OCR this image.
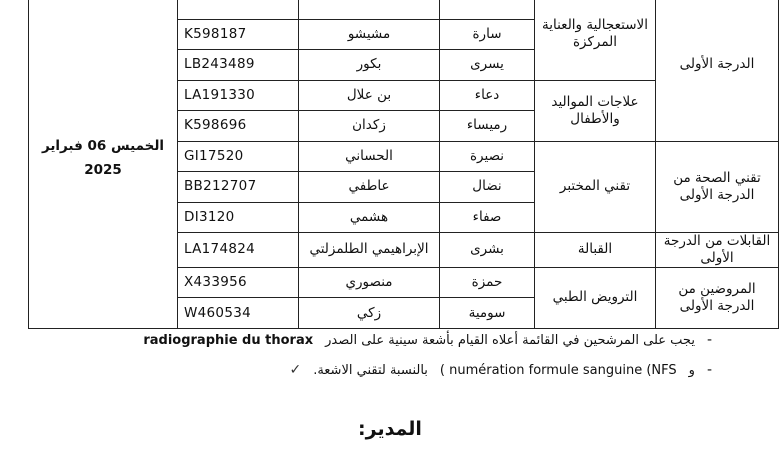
الخميس 06 فبراير
2025				الاستعجالية والعناية المركزة	الدرجة الأولى
	K598187	مشيشو	سارة		
	LB243489	بكور	يسرى		
	LA191330	بن علال	دعاء	علاجات المواليد والأطفال	
	K598696	زكدان	رميساء		
	GI17520	الحساني	نصيرة	تقني المختبر	تقني الصحة من الدرجة الأولى
	BB212707	عاطفي	نضال		
	DI3120	هشمي	صفاء		
	LA174824	الإبراهيمي الطلمزلتي	بشرى	القبالة	القابلات من الدرجة الأولى
	X433956	منصوري	حمزة	الترويض الطبي	المروضين من الدرجة الأولى
	W460534	زكي	سومية		
-
يجب على المرشحين في القائمة أعلاه القيام بأشعة سينية على الصدر
radiographie du thorax
-
و
( numération formule sanguine (NFS
بالنسبة لتقني الاشعة.
✓
المدير:
